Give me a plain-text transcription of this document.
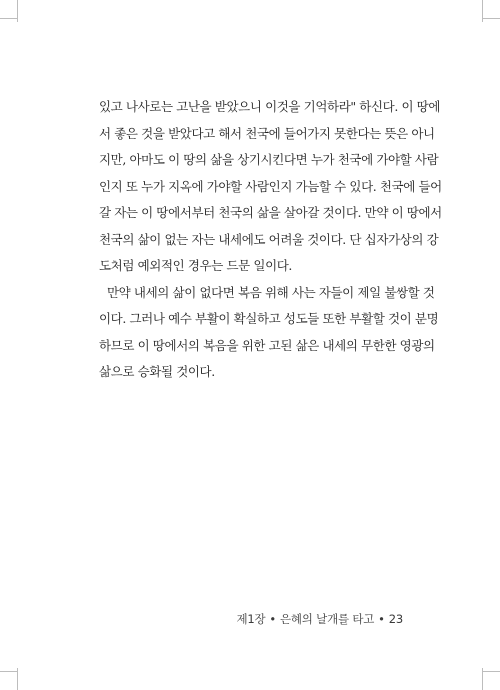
있고 나사로는 고난을 받았으니 이것을 기억하라" 하신다. 이 땅에
서 좋은 것을 받았다고 해서 천국에 들어가지 못한다는 뜻은 아니
지만, 아마도 이 땅의 삶을 상기시킨다면 누가 천국에 가야할 사람
인지 또 누가 지옥에 가야할 사람인지 가늠할 수 있다. 천국에 들어
갈 자는 이 땅에서부터 천국의 삶을 살아갈 것이다. 만약 이 땅에서
천국의 삶이 없는 자는 내세에도 어려울 것이다. 단 십자가상의 강
도처럼 예외적인 경우는 드문 일이다.

만약 내세의 삶이 없다면 복음 위해 사는 자들이 제일 불쌍할 것
이다. 그러나 예수 부활이 확실하고 성도들 또한 부활할 것이 분명
하므로 이 땅에서의 복음을 위한 고된 삶은 내세의 무한한 영광의
삶으로 승화될 것이다.

제1장 • 은혜의 날개를 타고 • 23
